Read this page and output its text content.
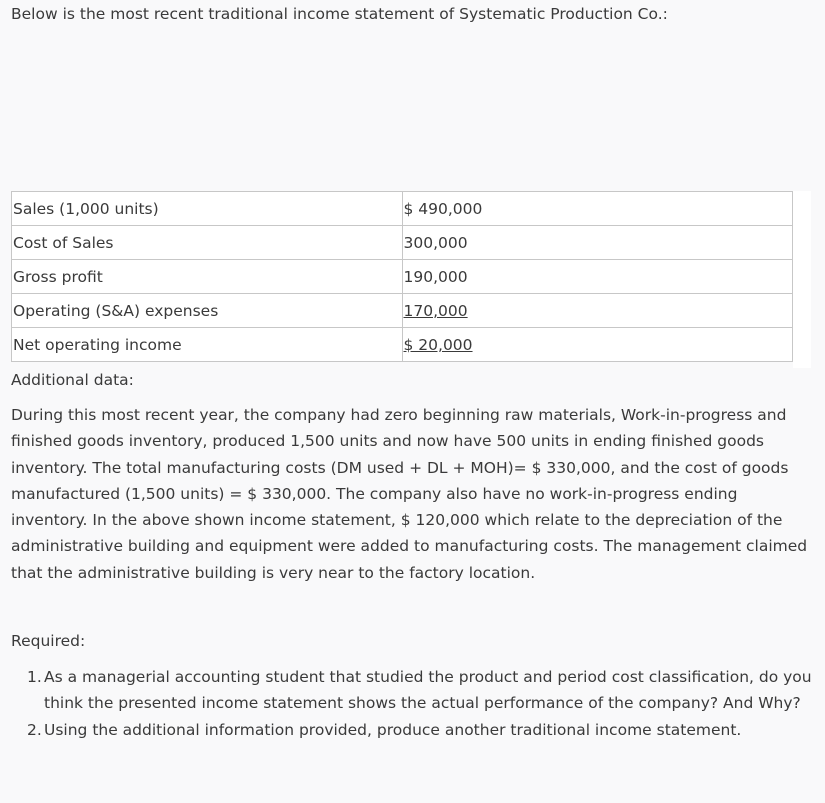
Below is the most recent traditional income statement of Systematic Production Co.:

Sales (1,000 units)	$ 490,000
Cost of Sales	300,000
Gross profit	190,000
Operating (S&A) expenses	170,000
Net operating income	$ 20,000

Additional data:

During this most recent year, the company had zero beginning raw materials, Work-in-progress and finished goods inventory, produced 1,500 units and now have 500 units in ending finished goods inventory. The total manufacturing costs (DM used + DL + MOH)= $ 330,000, and the cost of goods manufactured (1,500 units) = $ 330,000. The company also have no work-in-progress ending inventory. In the above shown income statement, $ 120,000 which relate to the depreciation of the administrative building and equipment were added to manufacturing costs. The management claimed that the administrative building is very near to the factory location.

Required:

1. As a managerial accounting student that studied the product and period cost classification, do you think the presented income statement shows the actual performance of the company? And Why?
2. Using the additional information provided, produce another traditional income statement.
